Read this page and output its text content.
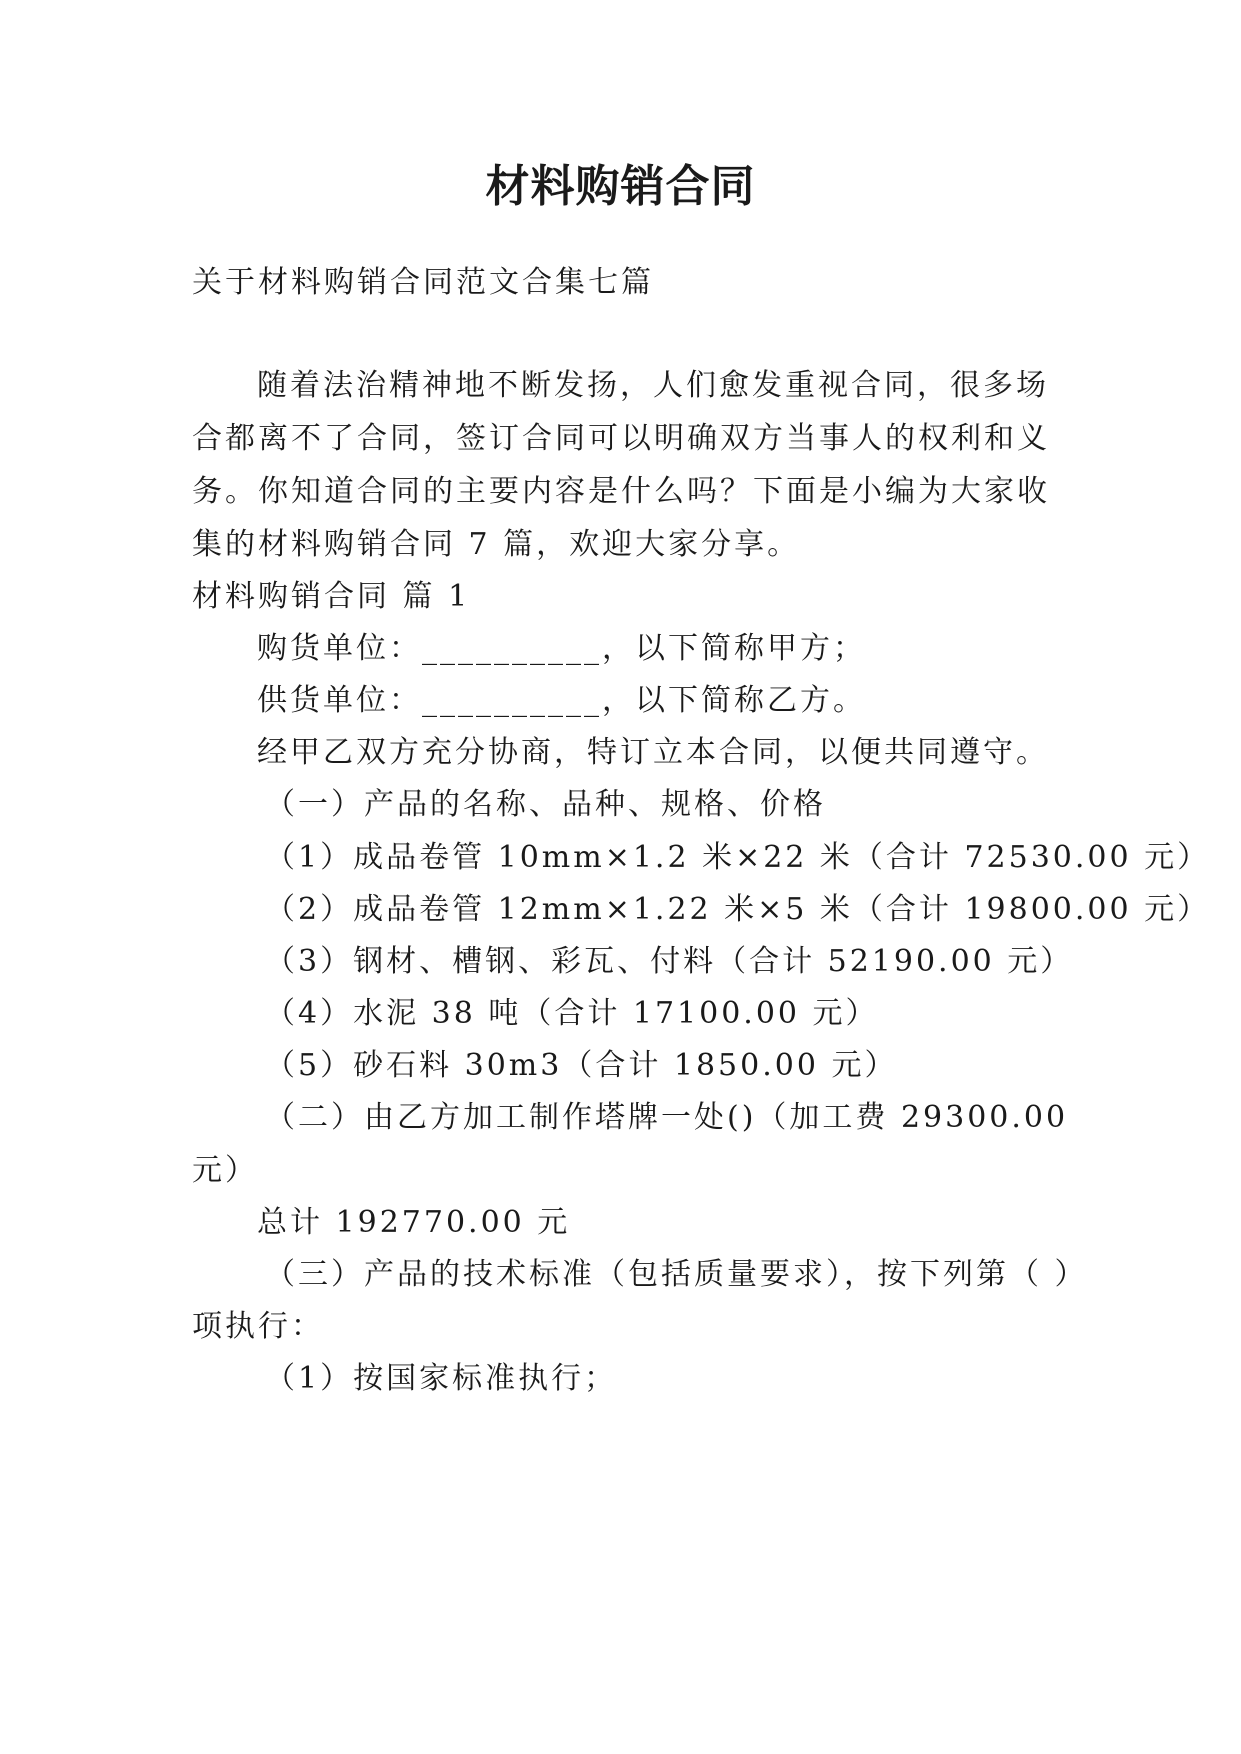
材料购销合同
关于材料购销合同范文合集七篇
随着法治精神地不断发扬，人们愈发重视合同，很多场
合都离不了合同，签订合同可以明确双方当事人的权利和义
务。你知道合同的主要内容是什么吗？下面是小编为大家收
集的材料购销合同 7 篇，欢迎大家分享。
材料购销合同 篇 1
购货单位：__________，以下简称甲方；
供货单位：__________，以下简称乙方。
经甲乙双方充分协商，特订立本合同，以便共同遵守。
（一）产品的名称、品种、规格、价格
（1）成品卷管 10mm×1.2 米×22 米（合计 72530.00 元）
（2）成品卷管 12mm×1.22 米×5 米（合计 19800.00 元）
（3）钢材、槽钢、彩瓦、付料（合计 52190.00 元）
（4）水泥 38 吨（合计 17100.00 元）
（5）砂石料 30m3（合计 1850.00 元）
（二）由乙方加工制作塔牌一处()（加工费 29300.00
元）
总计 192770.00 元
（三）产品的技术标准（包括质量要求），按下列第（ ）
项执行：
（1）按国家标准执行；
